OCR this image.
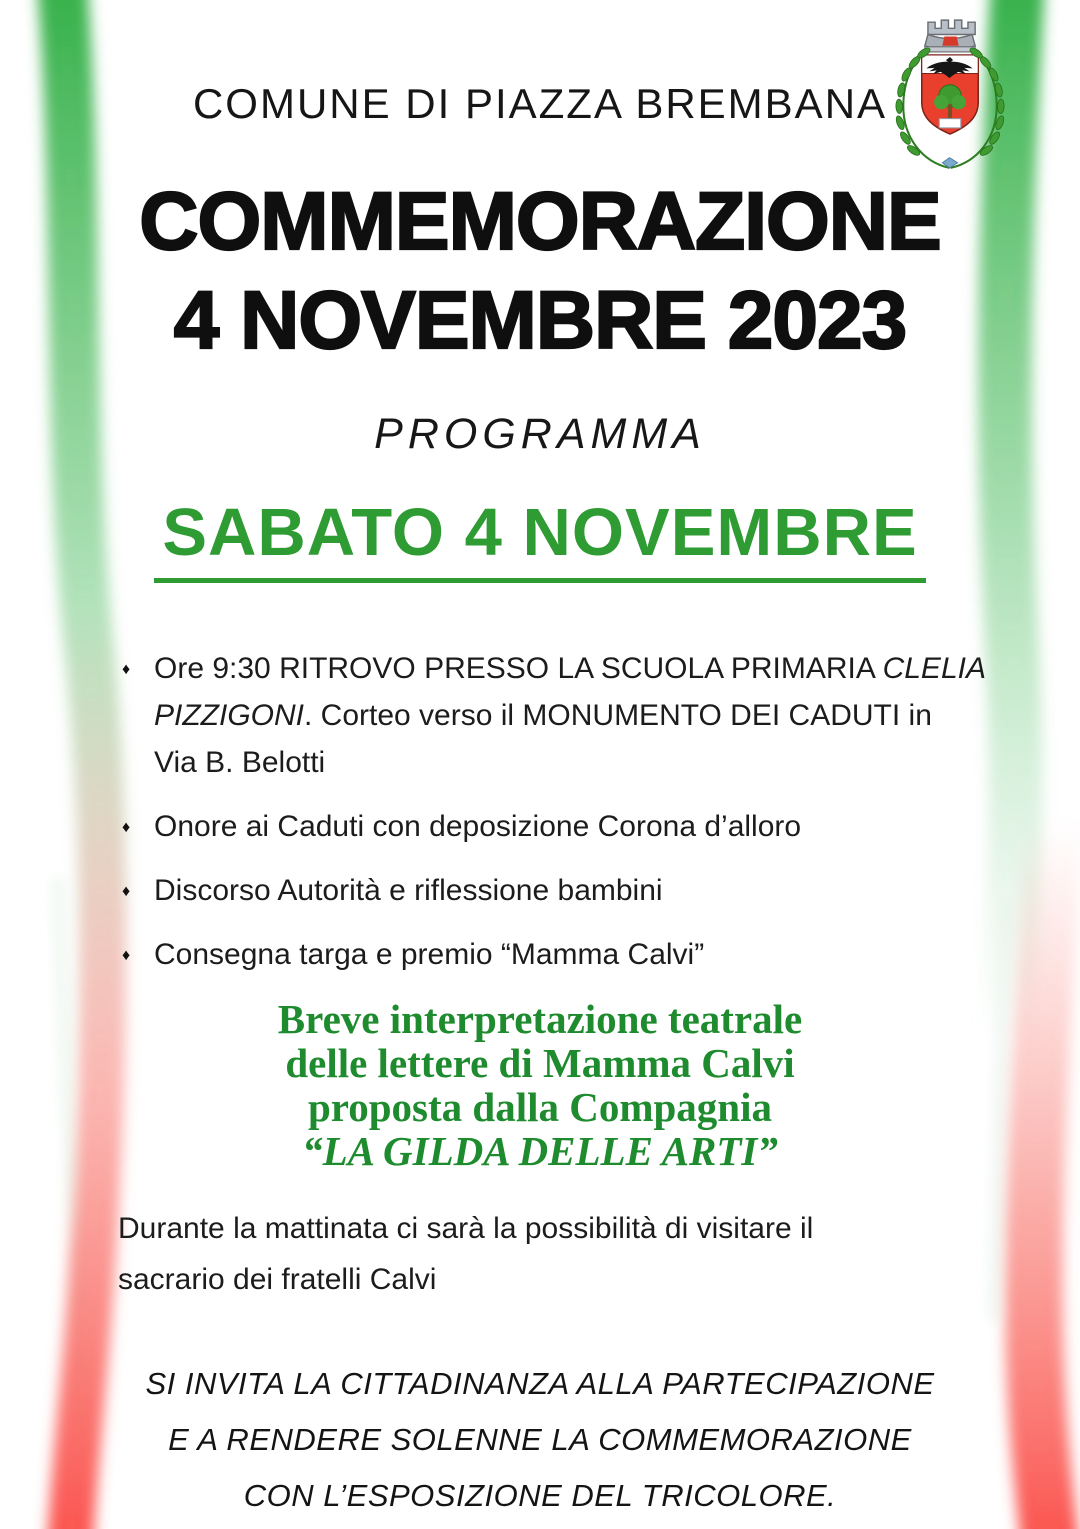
COMUNE DI PIAZZA BREMBANA
COMMEMORAZIONE
4 NOVEMBRE 2023
PROGRAMMA
SABATO 4 NOVEMBRE
♦ Ore 9:30 RITROVO PRESSO LA SCUOLA PRIMARIA CLELIA
PIZZIGONI. Corteo verso il MONUMENTO DEI CADUTI in
Via B. Belotti
♦ Onore ai Caduti con deposizione Corona d’alloro
♦ Discorso Autorità e riflessione bambini
♦ Consegna targa e premio “Mamma Calvi”
Breve interpretazione teatrale
delle lettere di Mamma Calvi
proposta dalla Compagnia
“LA GILDA DELLE ARTI”
Durante la mattinata ci sarà la possibilità di visitare il
sacrario dei fratelli Calvi
SI INVITA LA CITTADINANZA ALLA PARTECIPAZIONE
E A RENDERE SOLENNE LA COMMEMORAZIONE
CON L’ESPOSIZIONE DEL TRICOLORE.
